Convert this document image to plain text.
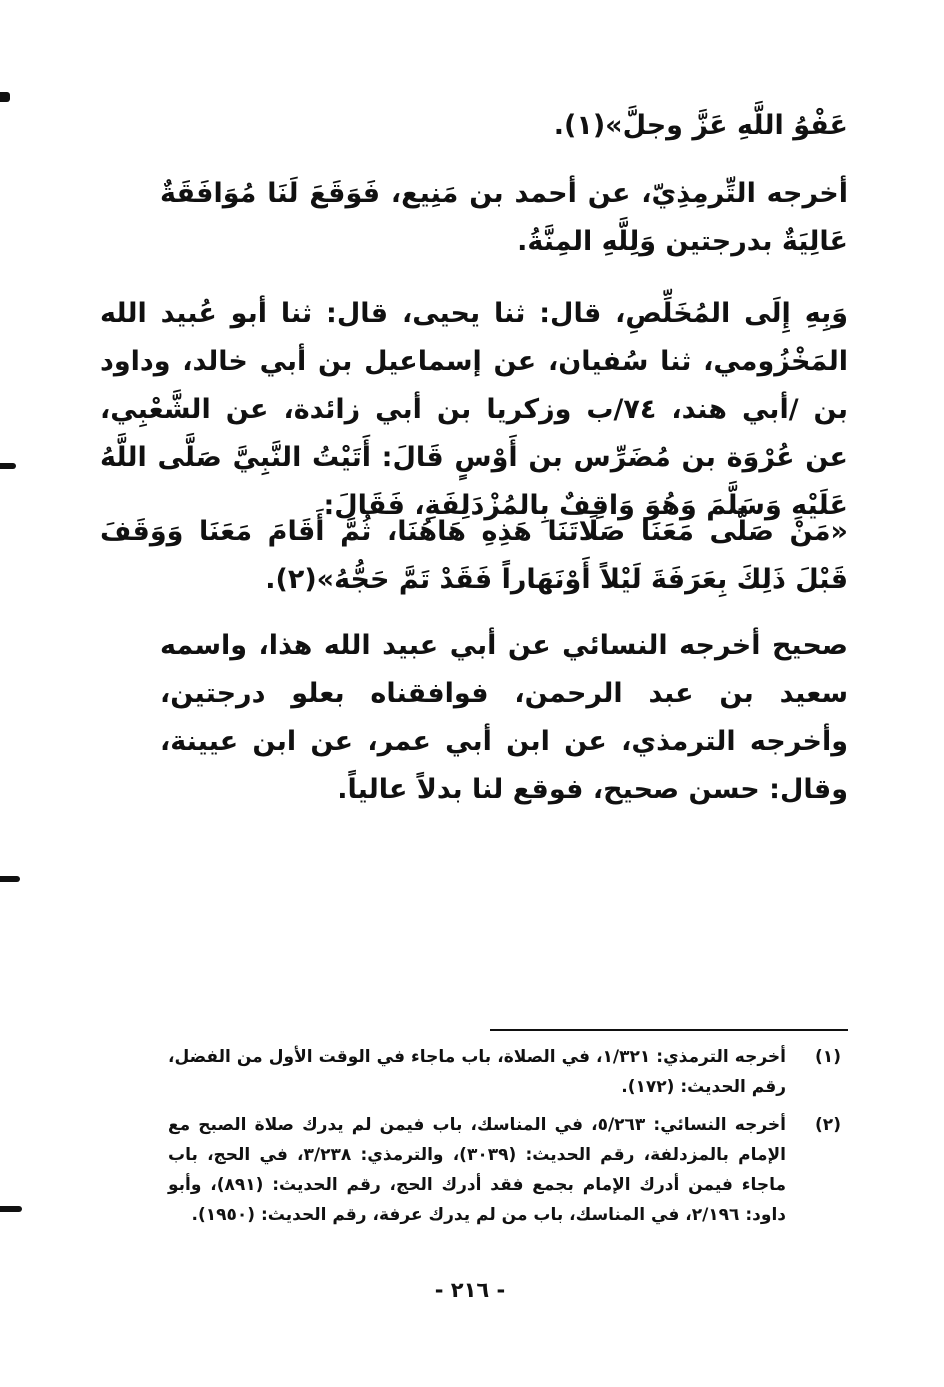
عَفْوُ اللَّهِ عَزَّ وجلَّ»(١).

أخرجه التِّرمِذِيّ، عن أحمد بن مَنِيع، فَوَقَعَ لَنَا مُوَافَقَةٌ عَالِيَةٌ بدرجتين وَلِلَّهِ المِنَّةُ.

وَبِهِ إِلَى المُخَلِّصِ، قال: ثنا يحيى، قال: ثنا أبو عُبيد الله المَخْزُومي، ثنا سُفيان، عن إسماعيل بن أبي خالد، وداود بن /أبي هند، ٧٤/ب وزكريا بن أبي زائدة، عن الشَّعْبِي، عن عُرْوَة بن مُضَرِّس بن أَوْسٍ قَالَ: أَتَيْتُ النَّبِيَّ صَلَّى اللَّهُ عَلَيْهِ وَسَلَّمَ وَهُوَ وَاقِفٌ بِالمُزْدَلِفَةِ، فَقَالَ:

«مَنْ صَلَّى مَعَنَا صَلَاتَنَا هَذِهِ هَاهُنَا، ثُمَّ أَقَامَ مَعَنَا وَوَقَفَ قَبْلَ ذَلِكَ بِعَرَفَةَ لَيْلاً أَوْنَهَاراً فَقَدْ تَمَّ حَجُّهُ»(٢).

صحيح أخرجه النسائي عن أبي عبيد الله هذا، واسمه سعيد بن عبد الرحمن، فوافقناه بعلو درجتين، وأخرجه الترمذي، عن ابن أبي عمر، عن ابن عيينة، وقال: حسن صحيح، فوقع لنا بدلاً عالياً.

(١)
أخرجه الترمذي: ١/٣٢١، في الصلاة، باب ماجاء في الوقت الأول من الفضل، رقم الحديث: (١٧٢).
(٢)
أخرجه النسائي: ٥/٢٦٣، في المناسك، باب فيمن لم يدرك صلاة الصبح مع الإمام بالمزدلفة، رقم الحديث: (٣٠٣٩)، والترمذي: ٣/٢٣٨، في الحج، باب ماجاء فيمن أدرك الإمام بجمع فقد أدرك الحج، رقم الحديث: (٨٩١)، وأبو داود: ٢/١٩٦، في المناسك، باب من لم يدرك عرفة، رقم الحديث: (١٩٥٠).
- ٢١٦ -
